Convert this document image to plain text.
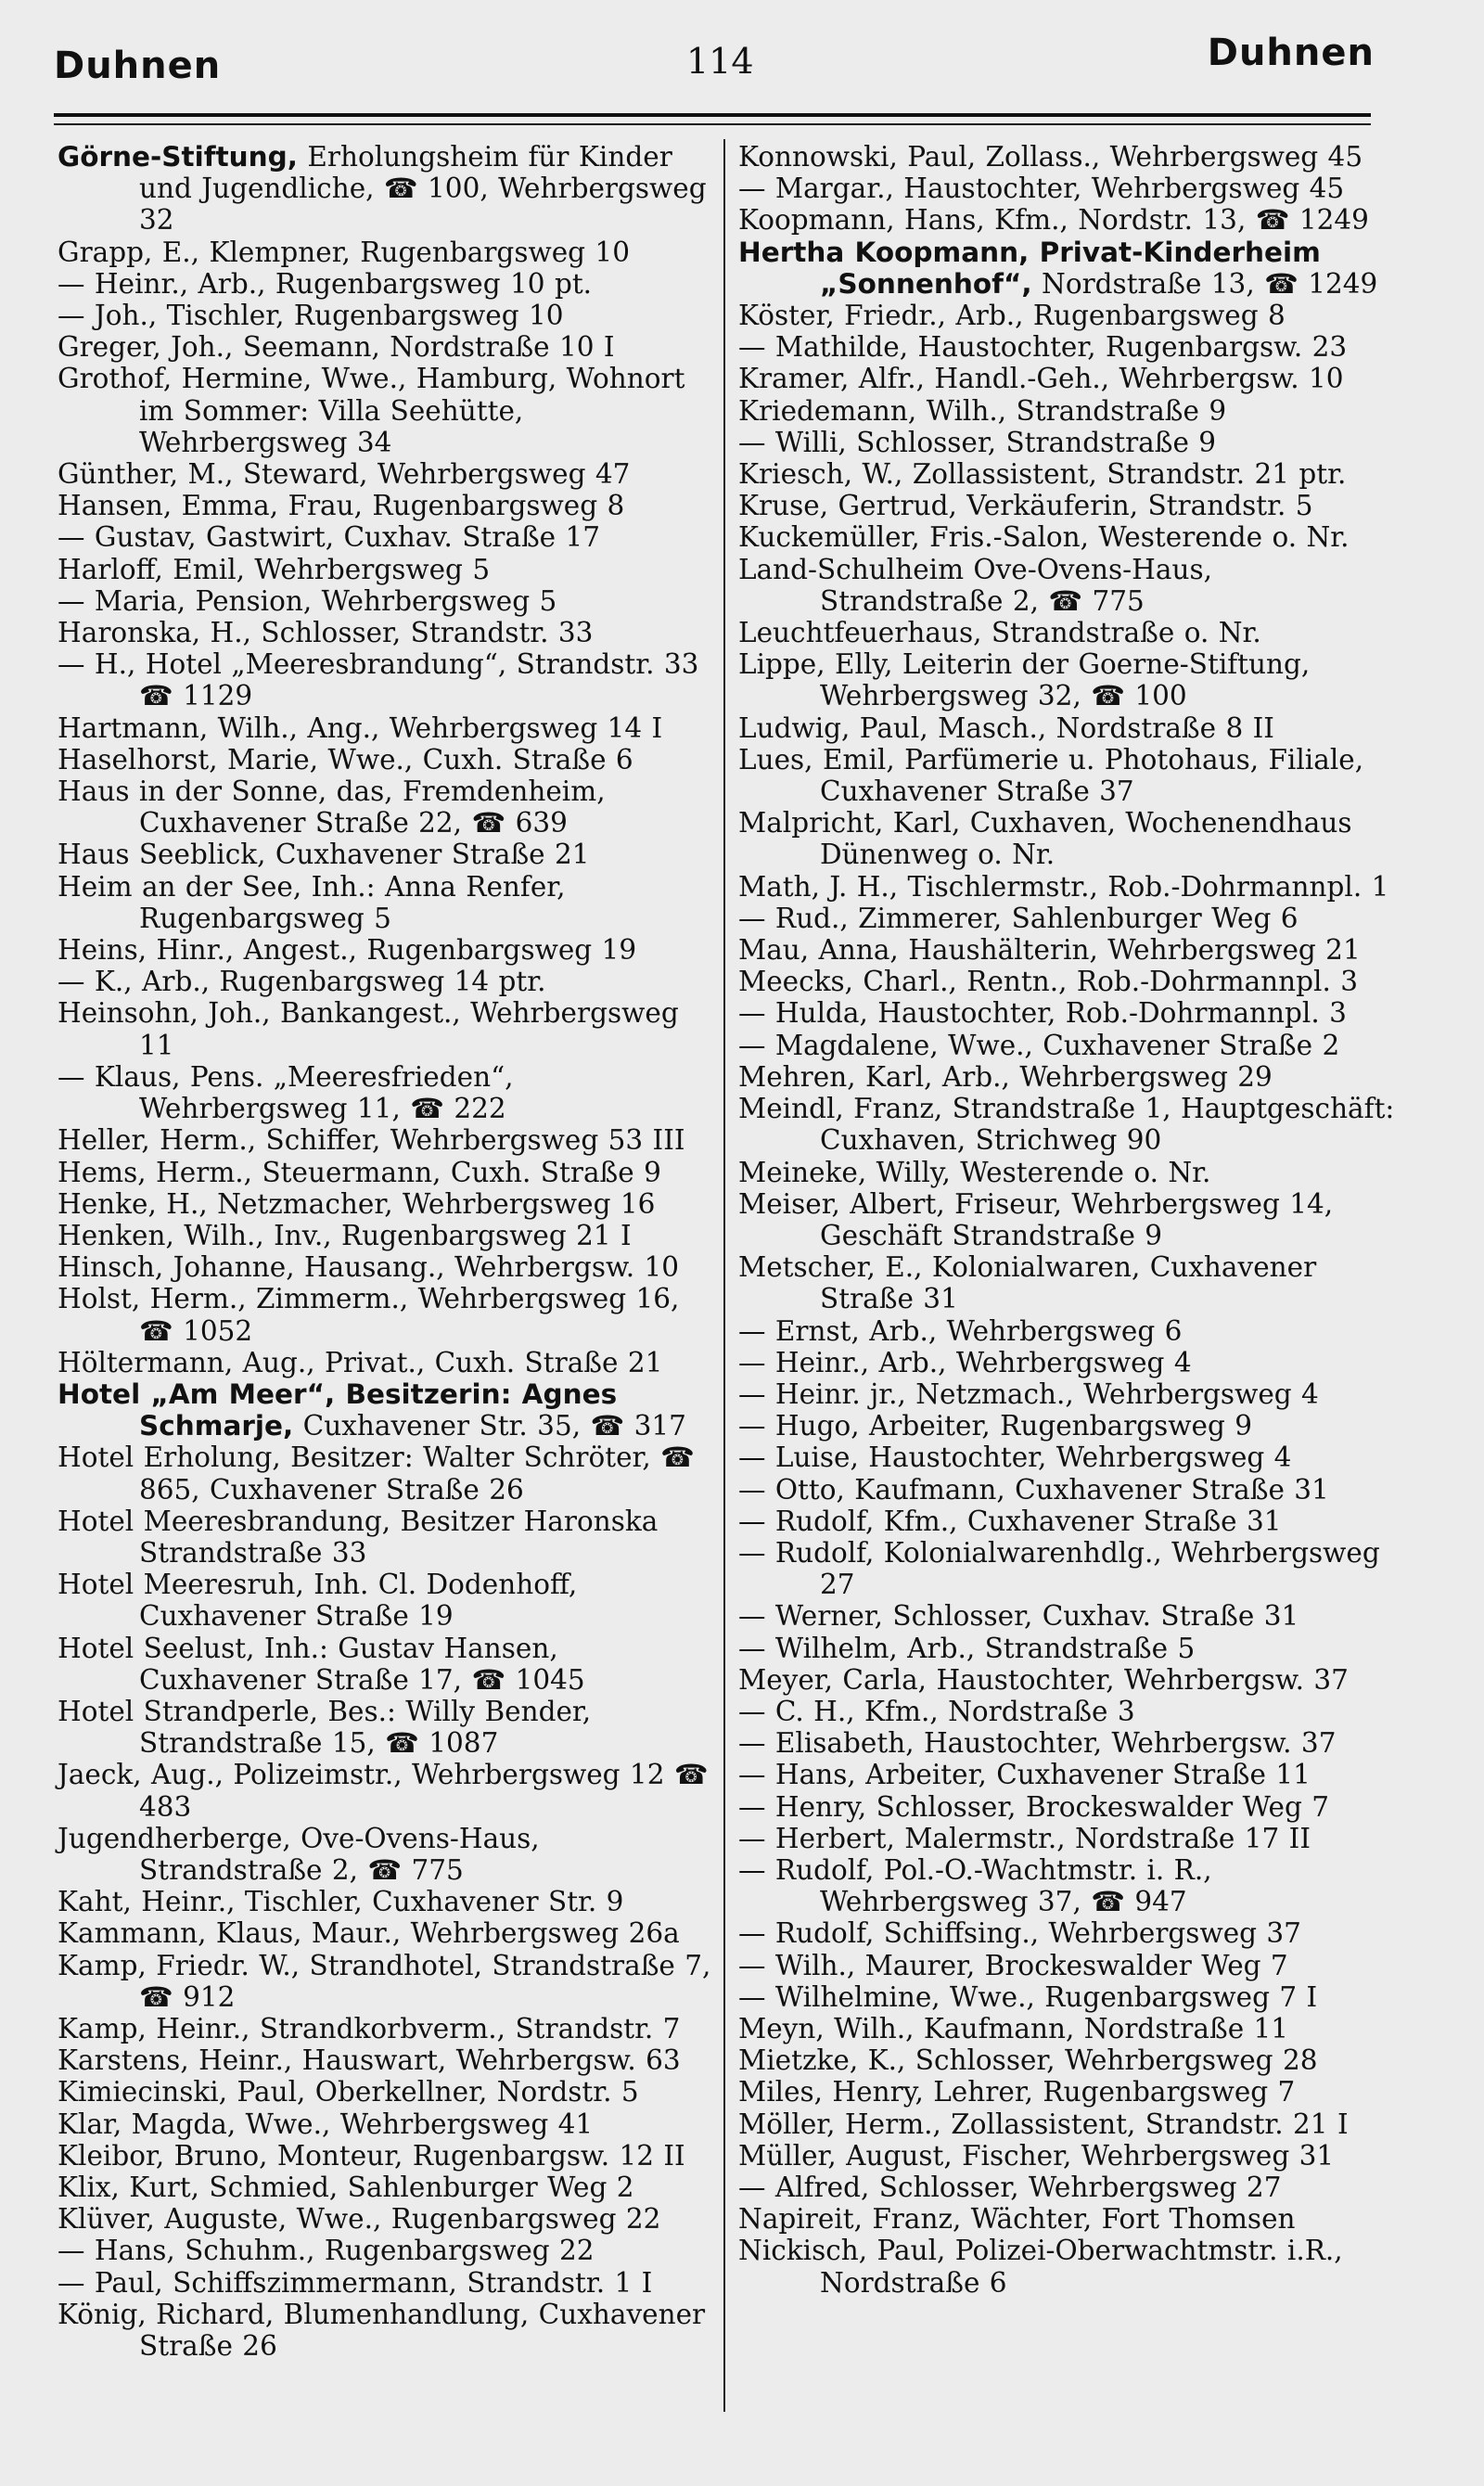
Duhnen	114	Duhnen

Görne-Stiftung, Erholungsheim für Kinder und Jugendliche, ☎ 100, Wehrbergsweg 32

Grapp, E., Klempner, Rugenbargsweg 10

— Heinr., Arb., Rugenbargsweg 10 pt.

— Joh., Tischler, Rugenbargsweg 10

Greger, Joh., Seemann, Nordstraße 10 I

Grothof, Hermine, Wwe., Hamburg, Wohnort im Sommer: Villa Seehütte, Wehrbergsweg 34

Günther, M., Steward, Wehrbergsweg 47

Hansen, Emma, Frau, Rugenbargsweg 8

— Gustav, Gastwirt, Cuxhav. Straße 17

Harloff, Emil, Wehrbergsweg 5

— Maria, Pension, Wehrbergsweg 5

Haronska, H., Schlosser, Strandstr. 33

— H., Hotel „Meeresbrandung“, Strandstr. 33 ☎ 1129

Hartmann, Wilh., Ang., Wehrbergsweg 14 I

Haselhorst, Marie, Wwe., Cuxh. Straße 6

Haus in der Sonne, das, Fremdenheim, Cuxhavener Straße 22, ☎ 639

Haus Seeblick, Cuxhavener Straße 21

Heim an der See, Inh.: Anna Renfer, Rugenbargsweg 5

Heins, Hinr., Angest., Rugenbargsweg 19

— K., Arb., Rugenbargsweg 14 ptr.

Heinsohn, Joh., Bankangest., Wehrbergsweg 11

— Klaus, Pens. „Meeresfrieden“, Wehrbergsweg 11, ☎ 222

Heller, Herm., Schiffer, Wehrbergsweg 53 III

Hems, Herm., Steuermann, Cuxh. Straße 9

Henke, H., Netzmacher, Wehrbergsweg 16

Henken, Wilh., Inv., Rugenbargsweg 21 I

Hinsch, Johanne, Hausang., Wehrbergsw. 10

Holst, Herm., Zimmerm., Wehrbergsweg 16, ☎ 1052

Höltermann, Aug., Privat., Cuxh. Straße 21

Hotel „Am Meer“, Besitzerin: Agnes Schmarje, Cuxhavener Str. 35, ☎ 317

Hotel Erholung, Besitzer: Walter Schröter, ☎ 865, Cuxhavener Straße 26

Hotel Meeresbrandung, Besitzer Haronska Strandstraße 33

Hotel Meeresruh, Inh. Cl. Dodenhoff, Cuxhavener Straße 19

Hotel Seelust, Inh.: Gustav Hansen, Cuxhavener Straße 17, ☎ 1045

Hotel Strandperle, Bes.: Willy Bender, Strandstraße 15, ☎ 1087

Jaeck, Aug., Polizeimstr., Wehrbergsweg 12 ☎ 483

Jugendherberge, Ove-Ovens-Haus, Strandstraße 2, ☎ 775

Kaht, Heinr., Tischler, Cuxhavener Str. 9

Kammann, Klaus, Maur., Wehrbergsweg 26a

Kamp, Friedr. W., Strandhotel, Strandstraße 7, ☎ 912

Kamp, Heinr., Strandkorbverm., Strandstr. 7

Karstens, Heinr., Hauswart, Wehrbergsw. 63

Kimiecinski, Paul, Oberkellner, Nordstr. 5

Klar, Magda, Wwe., Wehrbergsweg 41

Kleibor, Bruno, Monteur, Rugenbargsw. 12 II

Klix, Kurt, Schmied, Sahlenburger Weg 2

Klüver, Auguste, Wwe., Rugenbargsweg 22

— Hans, Schuhm., Rugenbargsweg 22

— Paul, Schiffszimmermann, Strandstr. 1 I

König, Richard, Blumenhandlung, Cuxhavener Straße 26

Konnowski, Paul, Zollass., Wehrbergsweg 45

— Margar., Haustochter, Wehrbergsweg 45

Koopmann, Hans, Kfm., Nordstr. 13, ☎ 1249

Hertha Koopmann, Privat-Kinderheim „Sonnenhof“, Nordstraße 13, ☎ 1249

Köster, Friedr., Arb., Rugenbargsweg 8

— Mathilde, Haustochter, Rugenbargsw. 23

Kramer, Alfr., Handl.-Geh., Wehrbergsw. 10

Kriedemann, Wilh., Strandstraße 9

— Willi, Schlosser, Strandstraße 9

Kriesch, W., Zollassistent, Strandstr. 21 ptr.

Kruse, Gertrud, Verkäuferin, Strandstr. 5

Kuckemüller, Fris.-Salon, Westerende o. Nr.

Land-Schulheim Ove-Ovens-Haus, Strandstraße 2, ☎ 775

Leuchtfeuerhaus, Strandstraße o. Nr.

Lippe, Elly, Leiterin der Goerne-Stiftung, Wehrbergsweg 32, ☎ 100

Ludwig, Paul, Masch., Nordstraße 8 II

Lues, Emil, Parfümerie u. Photohaus, Filiale, Cuxhavener Straße 37

Malpricht, Karl, Cuxhaven, Wochenendhaus Dünenweg o. Nr.

Math, J. H., Tischlermstr., Rob.-Dohrmannpl. 1

— Rud., Zimmerer, Sahlenburger Weg 6

Mau, Anna, Haushälterin, Wehrbergsweg 21

Meecks, Charl., Rentn., Rob.-Dohrmannpl. 3

— Hulda, Haustochter, Rob.-Dohrmannpl. 3

— Magdalene, Wwe., Cuxhavener Straße 2

Mehren, Karl, Arb., Wehrbergsweg 29

Meindl, Franz, Strandstraße 1, Hauptgeschäft: Cuxhaven, Strichweg 90

Meineke, Willy, Westerende o. Nr.

Meiser, Albert, Friseur, Wehrbergsweg 14, Geschäft Strandstraße 9

Metscher, E., Kolonialwaren, Cuxhavener Straße 31

— Ernst, Arb., Wehrbergsweg 6

— Heinr., Arb., Wehrbergsweg 4

— Heinr. jr., Netzmach., Wehrbergsweg 4

— Hugo, Arbeiter, Rugenbargsweg 9

— Luise, Haustochter, Wehrbergsweg 4

— Otto, Kaufmann, Cuxhavener Straße 31

— Rudolf, Kfm., Cuxhavener Straße 31

— Rudolf, Kolonialwarenhdlg., Wehrbergsweg 27

— Werner, Schlosser, Cuxhav. Straße 31

— Wilhelm, Arb., Strandstraße 5

Meyer, Carla, Haustochter, Wehrbergsw. 37

— C. H., Kfm., Nordstraße 3

— Elisabeth, Haustochter, Wehrbergsw. 37

— Hans, Arbeiter, Cuxhavener Straße 11

— Henry, Schlosser, Brockeswalder Weg 7

— Herbert, Malermstr., Nordstraße 17 II

— Rudolf, Pol.-O.-Wachtmstr. i. R., Wehrbergsweg 37, ☎ 947

— Rudolf, Schiffsing., Wehrbergsweg 37

— Wilh., Maurer, Brockeswalder Weg 7

— Wilhelmine, Wwe., Rugenbargsweg 7 I

Meyn, Wilh., Kaufmann, Nordstraße 11

Mietzke, K., Schlosser, Wehrbergsweg 28

Miles, Henry, Lehrer, Rugenbargsweg 7

Möller, Herm., Zollassistent, Strandstr. 21 I

Müller, August, Fischer, Wehrbergsweg 31

— Alfred, Schlosser, Wehrbergsweg 27

Napireit, Franz, Wächter, Fort Thomsen

Nickisch, Paul, Polizei-Oberwachtmstr. i.R., Nordstraße 6
